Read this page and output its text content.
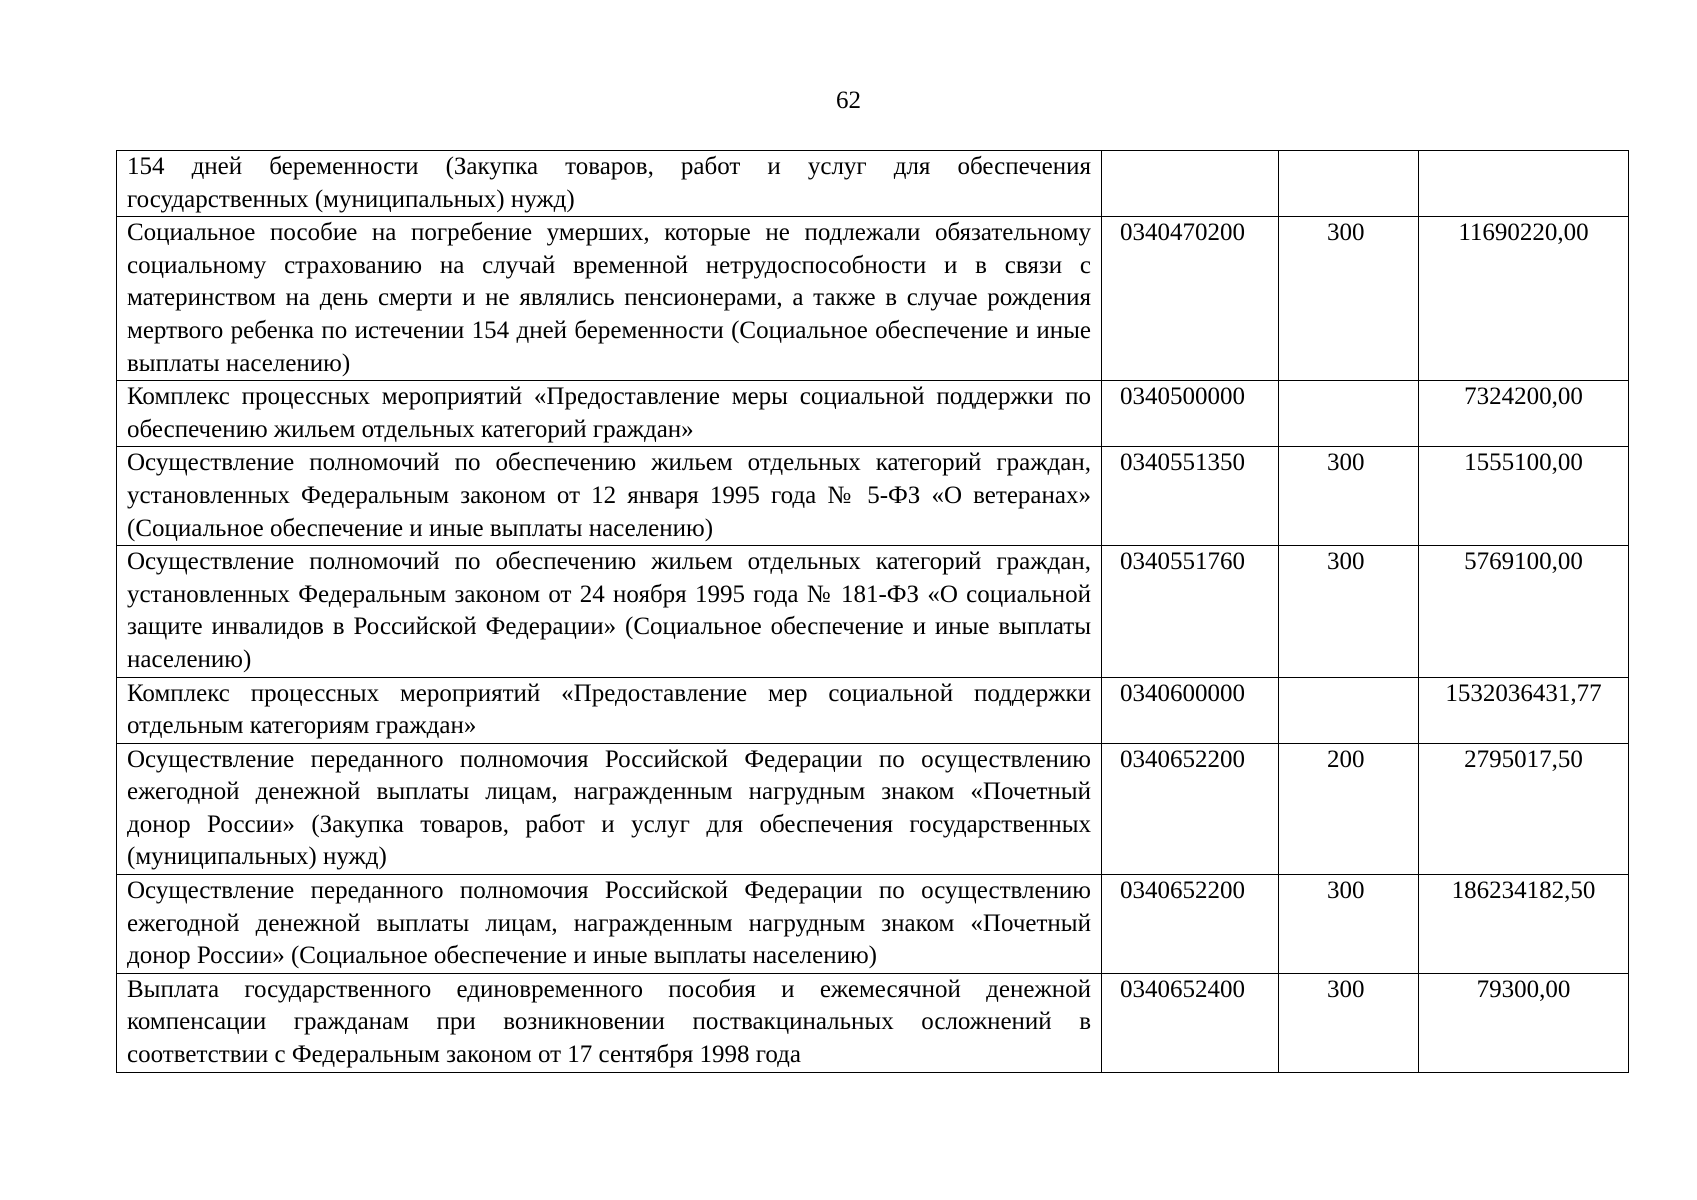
62
154 дней беременности (Закупка товаров, работ и услуг для обеспечения государственных (муниципальных) нужд)			
Социальное пособие на погребение умерших, которые не подлежали обязательному социальному страхованию на случай временной нетрудоспособности и в связи с материнством на день смерти и не являлись пенсионерами, а также в случае рождения мертвого ребенка по истечении 154 дней беременности (Социальное обеспечение и иные выплаты населению)	0340470200	300	11690220,00
Комплекс процессных мероприятий «Предоставление меры социальной поддержки по обеспечению жильем отдельных категорий граждан»	0340500000		7324200,00
Осуществление полномочий по обеспечению жильем отдельных категорий граждан, установленных Федеральным законом от 12 января 1995 года № 5-ФЗ «О ветеранах» (Социальное обеспечение и иные выплаты населению)	0340551350	300	1555100,00
Осуществление полномочий по обеспечению жильем отдельных категорий граждан, установленных Федеральным законом от 24 ноября 1995 года № 181-ФЗ «О социальной защите инвалидов в Российской Федерации» (Социальное обеспечение и иные выплаты населению)	0340551760	300	5769100,00
Комплекс процессных мероприятий «Предоставление мер социальной поддержки отдельным категориям граждан»	0340600000		1532036431,77
Осуществление переданного полномочия Российской Федерации по осуществлению ежегодной денежной выплаты лицам, награжденным нагрудным знаком «Почетный донор России» (Закупка товаров, работ и услуг для обеспечения государственных (муниципальных) нужд)	0340652200	200	2795017,50
Осуществление переданного полномочия Российской Федерации по осуществлению ежегодной денежной выплаты лицам, награжденным нагрудным знаком «Почетный донор России» (Социальное обеспечение и иные выплаты населению)	0340652200	300	186234182,50
Выплата государственного единовременного пособия и ежемесячной денежной компенсации гражданам при возникновении поствакцинальных осложнений в соответствии с Федеральным законом от 17 сентября 1998 года	0340652400	300	79300,00
